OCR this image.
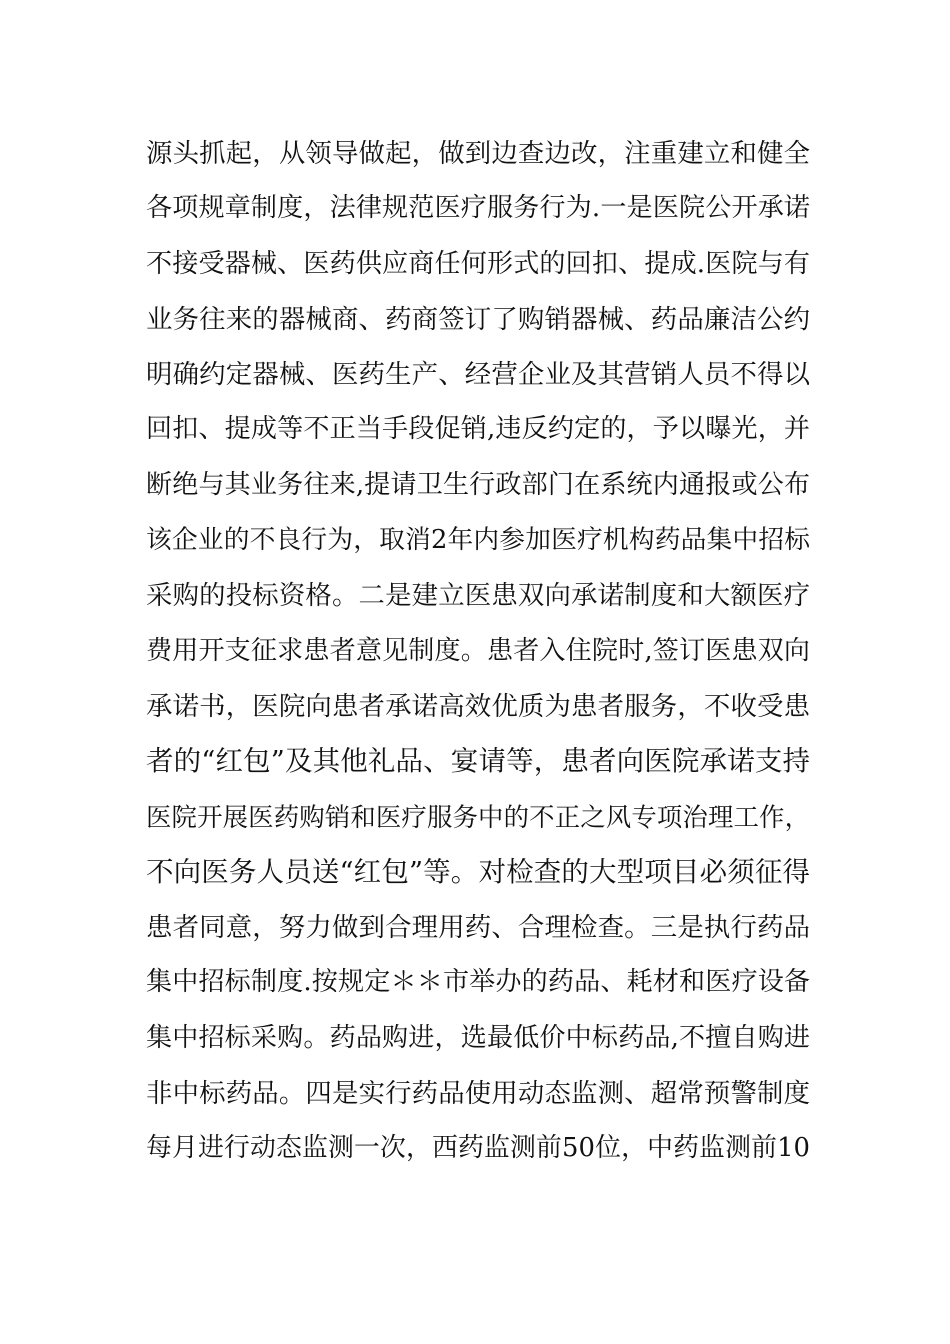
源头抓起，从领导做起，做到边查边改，注重建立和健全
各项规章制度，法律规范医疗服务行为.一是医院公开承诺
不接受器械、医药供应商任何形式的回扣、提成.医院与有
业务往来的器械商、药商签订了购销器械、药品廉洁公约
明确约定器械、医药生产、经营企业及其营销人员不得以
回扣、提成等不正当手段促销,违反约定的，予以曝光，并
断绝与其业务往来,提请卫生行政部门在系统内通报或公布
该企业的不良行为，取消2年内参加医疗机构药品集中招标
采购的投标资格。二是建立医患双向承诺制度和大额医疗
费用开支征求患者意见制度。患者入住院时,签订医患双向
承诺书，医院向患者承诺高效优质为患者服务，不收受患
者的“红包”及其他礼品、宴请等，患者向医院承诺支持
医院开展医药购销和医疗服务中的不正之风专项治理工作，
不向医务人员送“红包”等。对检查的大型项目必须征得
患者同意，努力做到合理用药、合理检查。三是执行药品
集中招标制度.按规定＊＊市举办的药品、耗材和医疗设备
集中招标采购。药品购进，选最低价中标药品,不擅自购进
非中标药品。四是实行药品使用动态监测、超常预警制度
每月进行动态监测一次，西药监测前50位，中药监测前10
